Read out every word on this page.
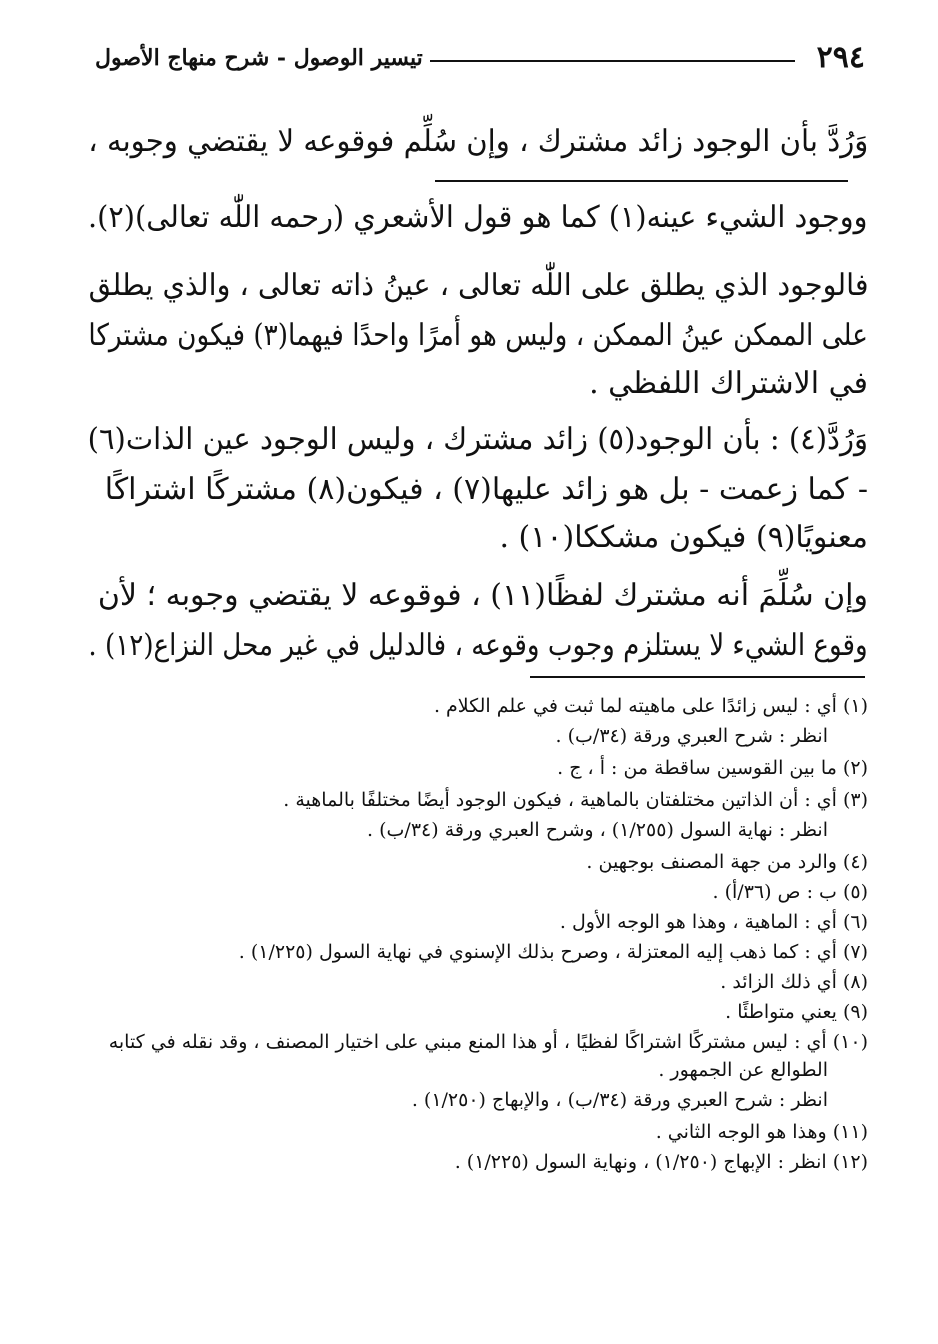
٢٩٤
تيسير الوصول - شرح منهاج الأصول
وَرُدَّ بأن الوجود زائد مشترك ، وإن سُلِّم فوقوعه لا يقتضي وجوبه ،
ووجود الشيء عينه(١) كما هو قول الأشعري (رحمه اللّٰه تعالى)(٢).
فالوجود الذي يطلق على اللّٰه تعالى ، عينُ ذاته تعالى ، والذي يطلق
على الممكن عينُ الممكن ، وليس هو أمرًا واحدًا فيهما(٣) فيكون مشتركا
في الاشتراك اللفظي .
وَرُدَّ(٤) : بأن الوجود(٥) زائد مشترك ، وليس الوجود عين الذات(٦)
- كما زعمت - بل هو زائد عليها(٧) ، فيكون(٨) مشتركًا اشتراكًا
معنويًا(٩) فيكون مشككا(١٠) .
وإن سُلِّمَ أنه مشترك لفظًا(١١) ، فوقوعه لا يقتضي وجوبه ؛ لأن
وقوع الشيء لا يستلزم وجوب وقوعه ، فالدليل في غير محل النزاع(١٢) .
(١) أي : ليس زائدًا على ماهيته لما ثبت في علم الكلام .
انظر : شرح العبري ورقة (٣٤/ب) .
(٢) ما بين القوسين ساقطة من : أ ، ج .
(٣) أي : أن الذاتين مختلفتان بالماهية ، فيكون الوجود أيضًا مختلفًا بالماهية .
انظر : نهاية السول (١/٢٥٥) ، وشرح العبري ورقة (٣٤/ب) .
(٤) والرد من جهة المصنف بوجهين .
(٥) ب : ص (٣٦/أ) .
(٦) أي : الماهية ، وهذا هو الوجه الأول .
(٧) أي : كما ذهب إليه المعتزلة ، وصرح بذلك الإسنوي في نهاية السول (١/٢٢٥) .
(٨) أي ذلك الزائد .
(٩) يعني متواطئًا .
(١٠) أي : ليس مشتركًا اشتراكًا لفظيًا ، أو هذا المنع مبني على اختيار المصنف ، وقد نقله في كتابه
الطوالع عن الجمهور .
انظر : شرح العبري ورقة (٣٤/ب) ، والإبهاج (١/٢٥٠) .
(١١) وهذا هو الوجه الثاني .
(١٢) انظر : الإبهاج (١/٢٥٠) ، ونهاية السول (١/٢٢٥) .
